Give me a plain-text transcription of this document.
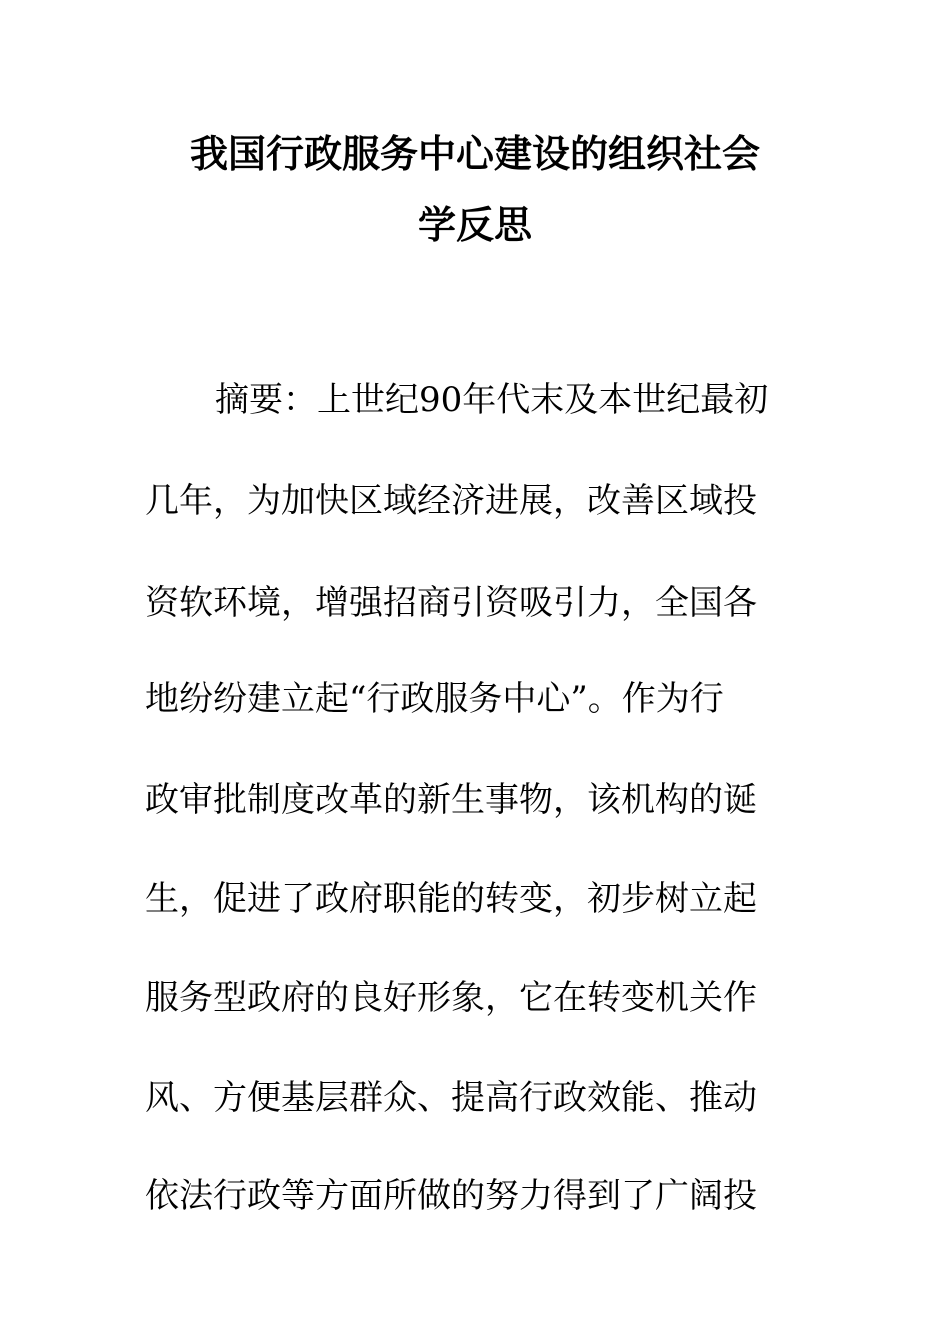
我国行政服务中心建设的组织社会
学反思
摘要：上世纪90年代末及本世纪最初
几年，为加快区域经济进展，改善区域投
资软环境，增强招商引资吸引力，全国各
地纷纷建立起“行政服务中心”。作为行
政审批制度改革的新生事物，该机构的诞
生，促进了政府职能的转变，初步树立起
服务型政府的良好形象，它在转变机关作
风、方便基层群众、提高行政效能、推动
依法行政等方面所做的努力得到了广阔投
